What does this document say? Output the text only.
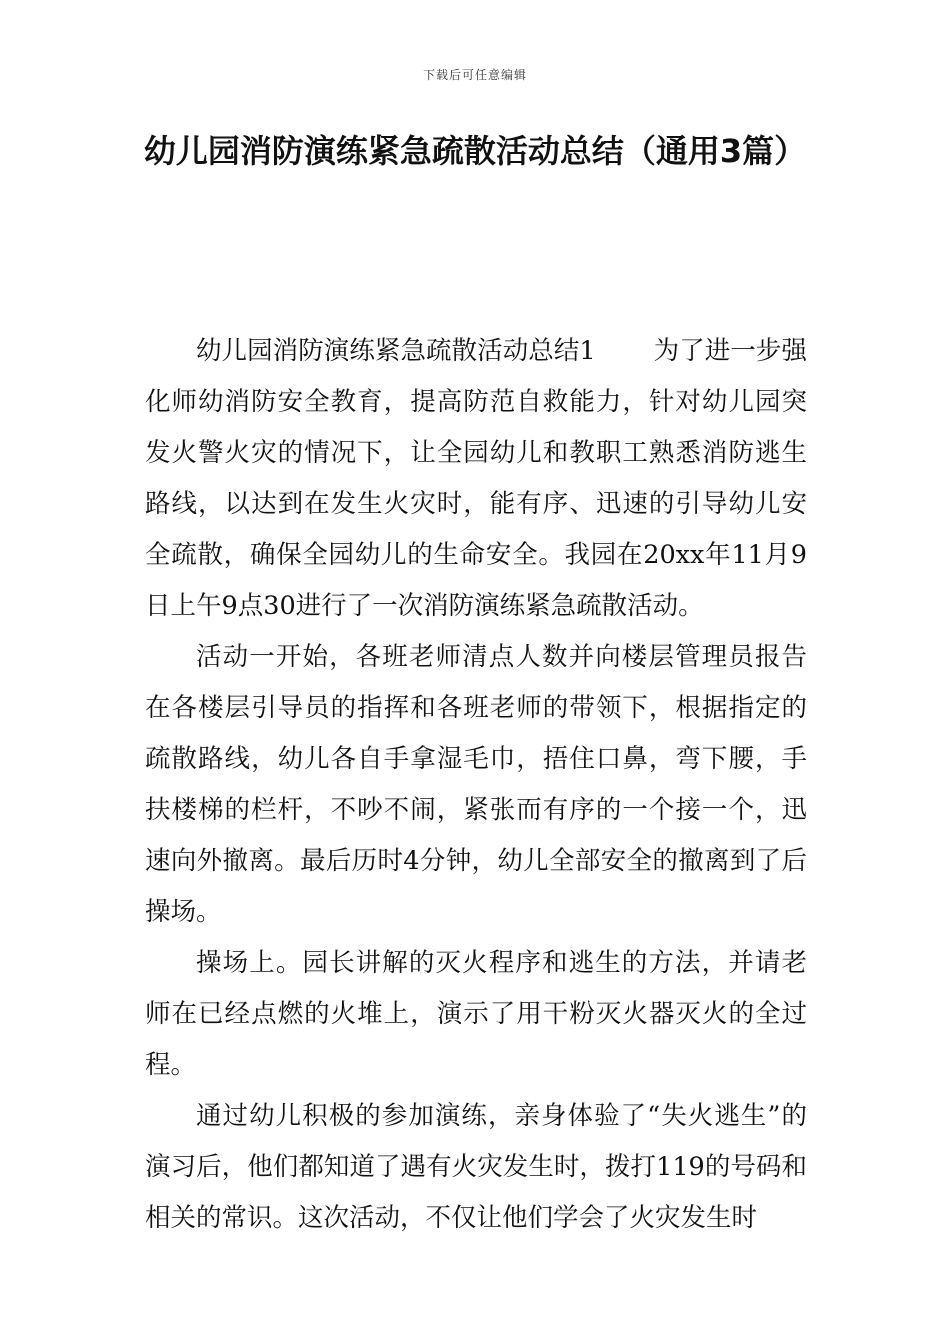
下载后可任意编辑
幼儿园消防演练紧急疏散活动总结（通用3篇）

幼儿园消防演练紧急疏散活动总结1 为了进一步强化师幼消防安全教育，提高防范自救能力，针对幼儿园突发火警火灾的情况下，让全园幼儿和教职工熟悉消防逃生路线，以达到在发生火灾时，能有序、迅速的引导幼儿安全疏散，确保全园幼儿的生命安全。我园在20xx年11月9日上午9点30进行了一次消防演练紧急疏散活动。

活动一开始，各班老师清点人数并向楼层管理员报告在各楼层引导员的指挥和各班老师的带领下，根据指定的疏散路线，幼儿各自手拿湿毛巾，捂住口鼻，弯下腰，手扶楼梯的栏杆，不吵不闹，紧张而有序的一个接一个，迅速向外撤离。最后历时4分钟，幼儿全部安全的撤离到了后操场。

操场上。园长讲解的灭火程序和逃生的方法，并请老师在已经点燃的火堆上，演示了用干粉灭火器灭火的全过程。

通过幼儿积极的参加演练，亲身体验了“失火逃生”的演习后，他们都知道了遇有火灾发生时，拨打119的号码和相关的常识。这次活动，不仅让他们学会了火灾发生时
